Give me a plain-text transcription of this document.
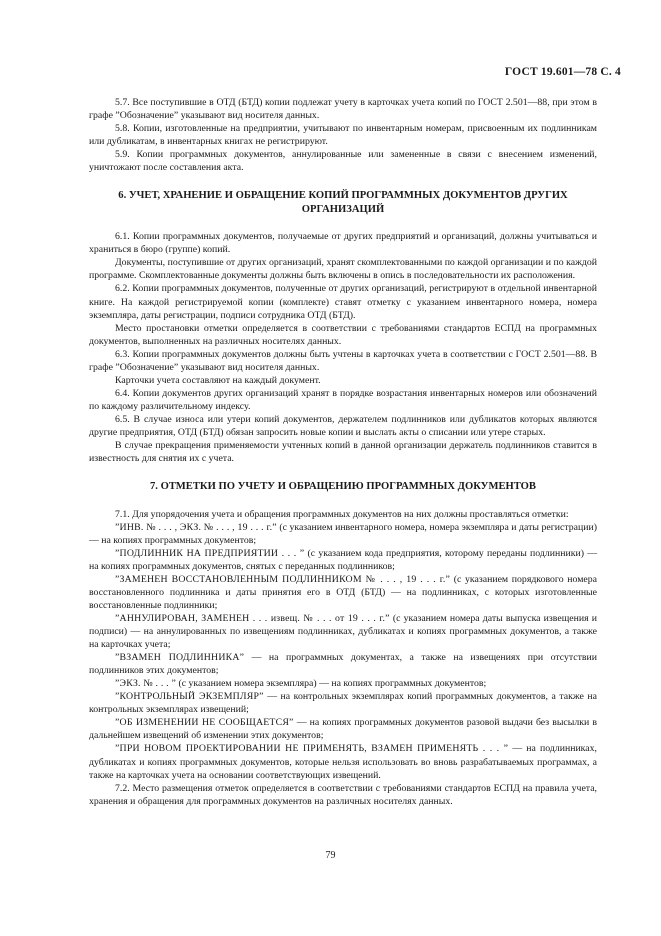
ГОСТ 19.601—78 С. 4

5.7. Все поступившие в ОТД (БТД) копии подлежат учету в карточках учета копий по ГОСТ 2.501—88, при этом в графе ”Обозначение” указывают вид носителя данных.

5.8. Копии, изготовленные на предприятии, учитывают по инвентарным номерам, присвоенным их подлинникам или дубликатам, в инвентарных книгах не регистрируют.

5.9. Копии программных документов, аннулированные или замененные в связи с внесением изменений, уничтожают после составления акта.

6. УЧЕТ, ХРАНЕНИЕ И ОБРАЩЕНИЕ КОПИЙ ПРОГРАММНЫХ ДОКУМЕНТОВ ДРУГИХ ОРГАНИЗАЦИЙ

6.1. Копии программных документов, получаемые от других предприятий и организаций, должны учитываться и храниться в бюро (группе) копий.

Документы, поступившие от других организаций, хранят скомплектованными по каждой организации и по каждой программе. Скомплектованные документы должны быть включены в опись в последовательности их расположения.

6.2. Копии программных документов, полученные от других организаций, регистрируют в отдельной инвентарной книге. На каждой регистрируемой копии (комплекте) ставят отметку с указанием инвентарного номера, номера экземпляра, даты регистрации, подписи сотрудника ОТД (БТД).

Место простановки отметки определяется в соответствии с требованиями стандартов ЕСПД на программных документов, выполненных на различных носителях данных.

6.3. Копии программных документов должны быть учтены в карточках учета в соответствии с ГОСТ 2.501—88. В графе ”Обозначение” указывают вид носителя данных.

Карточки учета составляют на каждый документ.

6.4. Копии документов других организаций хранят в порядке возрастания инвентарных номеров или обозначений по каждому различительному индексу.

6.5. В случае износа или утери копий документов, держателем подлинников или дубликатов которых являются другие предприятия, ОТД (БТД) обязан запросить новые копии и выслать акты о списании или утере старых.

В случае прекращения применяемости учтенных копий в данной организации держатель подлинников ставится в известность для снятия их с учета.

7. ОТМЕТКИ ПО УЧЕТУ И ОБРАЩЕНИЮ ПРОГРАММНЫХ ДОКУМЕНТОВ

7.1. Для упорядочения учета и обращения программных документов на них должны проставляться отметки:

”ИНВ. № . . . , ЭКЗ. № . . . , 19 . . . г.” (с указанием инвентарного номера, номера экземпляра и даты регистрации) — на копиях программных документов;

”ПОДЛИННИК НА ПРЕДПРИЯТИИ . . . ” (с указанием кода предприятия, которому переданы подлинники) — на копиях программных документов, снятых с переданных подлинников;

”ЗАМЕНЕН ВОССТАНОВЛЕННЫМ ПОДЛИННИКОМ № . . . , 19 . . . г.” (с указанием порядкового номера восстановленного подлинника и даты принятия его в ОТД (БТД) — на подлинниках, с которых изготовленные восстановленные подлинники;

”АННУЛИРОВАН, ЗАМЕНЕН . . . извещ. № . . . от 19 . . . г.” (с указанием номера даты выпуска извещения и подписи) — на аннулированных по извещениям подлинниках, дубликатах и копиях программных документов, а также на карточках учета;

”ВЗАМЕН ПОДЛИННИКА” — на программных документах, а также на извещениях при отсутствии подлинников этих документов;

”ЭКЗ. № . . . ” (с указанием номера экземпляра) — на копиях программных документов;

”КОНТРОЛЬНЫЙ ЭКЗЕМПЛЯР” — на контрольных экземплярах копий программных документов, а также на контрольных экземплярах извещений;

”ОБ ИЗМЕНЕНИИ НЕ СООБЩАЕТСЯ” — на копиях программных документов разовой выдачи без высылки в дальнейшем извещений об изменении этих документов;

”ПРИ НОВОМ ПРОЕКТИРОВАНИИ НЕ ПРИМЕНЯТЬ, ВЗАМЕН ПРИМЕНЯТЬ . . . ” — на подлинниках, дубликатах и копиях программных документов, которые нельзя использовать во вновь разрабатываемых программах, а также на карточках учета на основании соответствующих извещений.

7.2. Место размещения отметок определяется в соответствии с требованиями стандартов ЕСПД на правила учета, хранения и обращения для программных документов на различных носителях данных.

79
